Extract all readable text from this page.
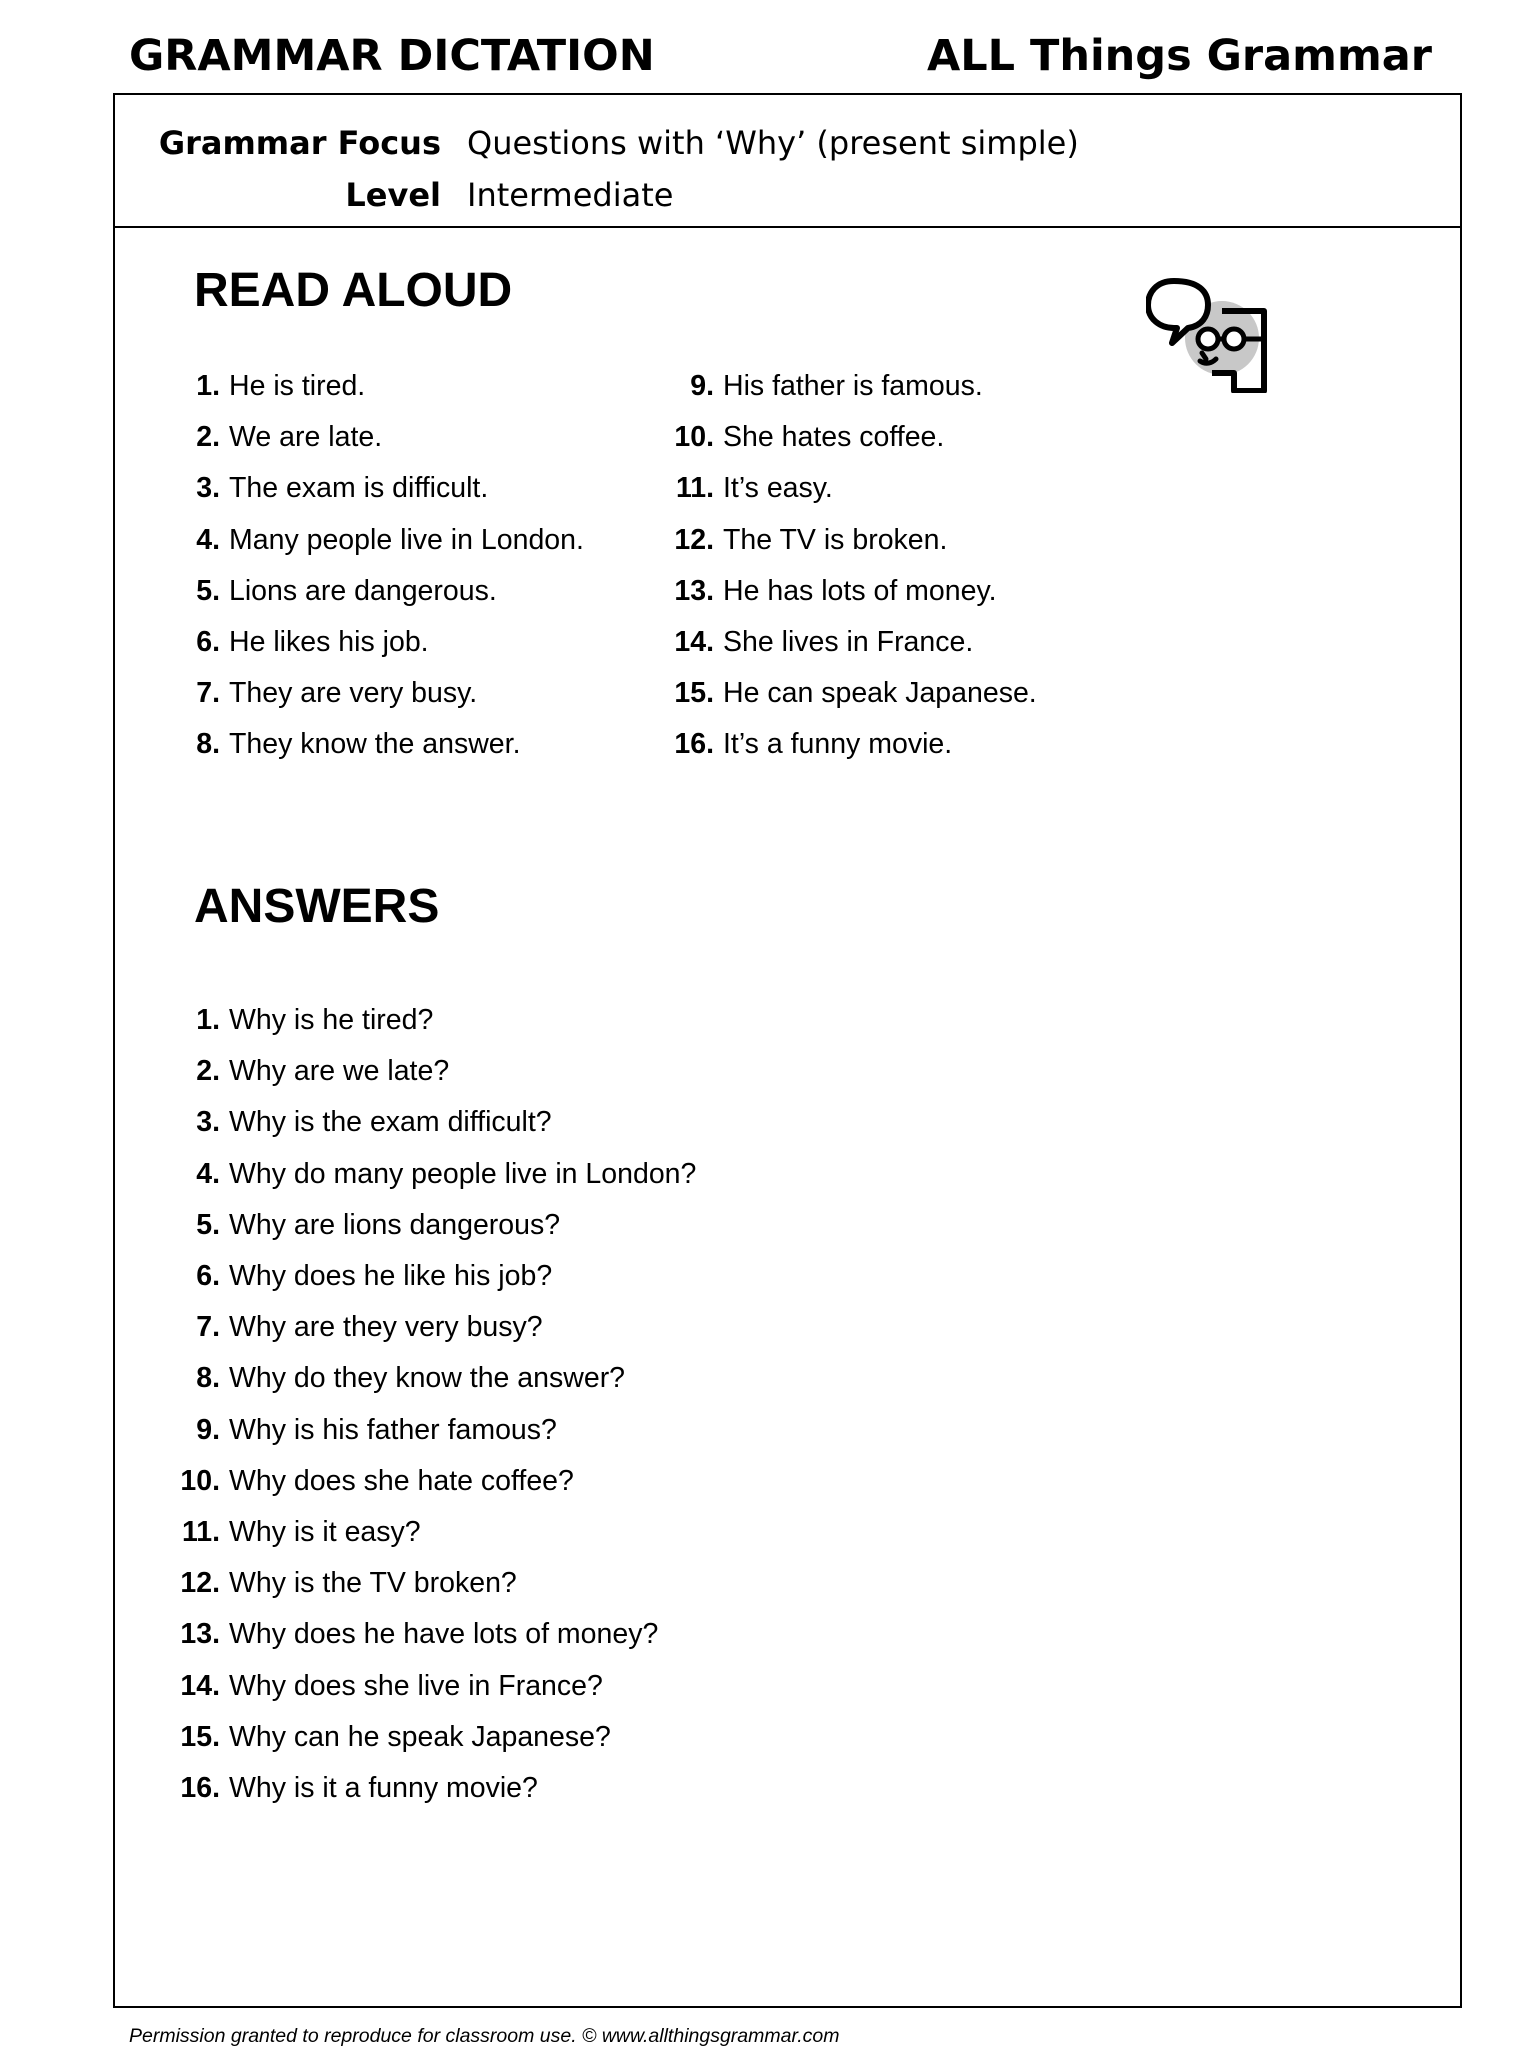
GRAMMAR DICTATION	ALL Things Grammar
Grammar Focus Questions with ‘Why’ (present simple)
Level Intermediate
READ ALOUD
1. He is tired.
2. We are late.
3. The exam is difficult.
4. Many people live in London.
5. Lions are dangerous.
6. He likes his job.
7. They are very busy.
8. They know the answer.
9. His father is famous.
10. She hates coffee.
11. It’s easy.
12. The TV is broken.
13. He has lots of money.
14. She lives in France.
15. He can speak Japanese.
16. It’s a funny movie.
ANSWERS
1. Why is he tired?
2. Why are we late?
3. Why is the exam difficult?
4. Why do many people live in London?
5. Why are lions dangerous?
6. Why does he like his job?
7. Why are they very busy?
8. Why do they know the answer?
9. Why is his father famous?
10. Why does she hate coffee?
11. Why is it easy?
12. Why is the TV broken?
13. Why does he have lots of money?
14. Why does she live in France?
15. Why can he speak Japanese?
16. Why is it a funny movie?
Permission granted to reproduce for classroom use. © www.allthingsgrammar.com
